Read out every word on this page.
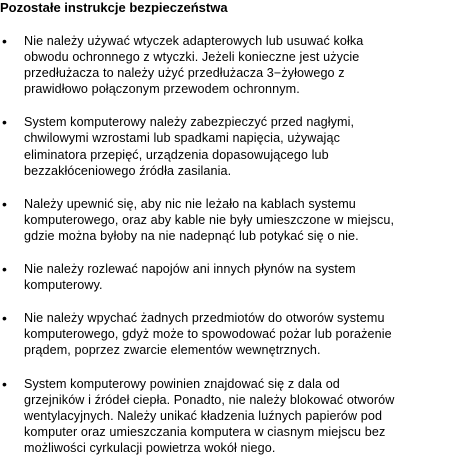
Pozostałe instrukcje bezpieczeństwa
• Nie należy używać wtyczek adapterowych lub usuwać kołka
obwodu ochronnego z wtyczki. Jeżeli konieczne jest użycie
przedłużacza to należy użyć przedłużacza 3−żyłowego z
prawidłowo połączonym przewodem ochronnym.
• System komputerowy należy zabezpieczyć przed nagłymi,
chwilowymi wzrostami lub spadkami napięcia, używając
eliminatora przepięć, urządzenia dopasowującego lub
bezzakłóceniowego źródła zasilania.
• Należy upewnić się, aby nic nie leżało na kablach systemu
komputerowego, oraz aby kable nie były umieszczone w miejscu,
gdzie można byłoby na nie nadepnąć lub potykać się o nie.
• Nie należy rozlewać napojów ani innych płynów na system
komputerowy.
• Nie należy wpychać żadnych przedmiotów do otworów systemu
komputerowego, gdyż może to spowodować pożar lub porażenie
prądem, poprzez zwarcie elementów wewnętrznych.
• System komputerowy powinien znajdować się z dala od
grzejników i źródeł ciepła. Ponadto, nie należy blokować otworów
wentylacyjnych. Należy unikać kładzenia luźnych papierów pod
komputer oraz umieszczania komputera w ciasnym miejscu bez
możliwości cyrkulacji powietrza wokół niego.
